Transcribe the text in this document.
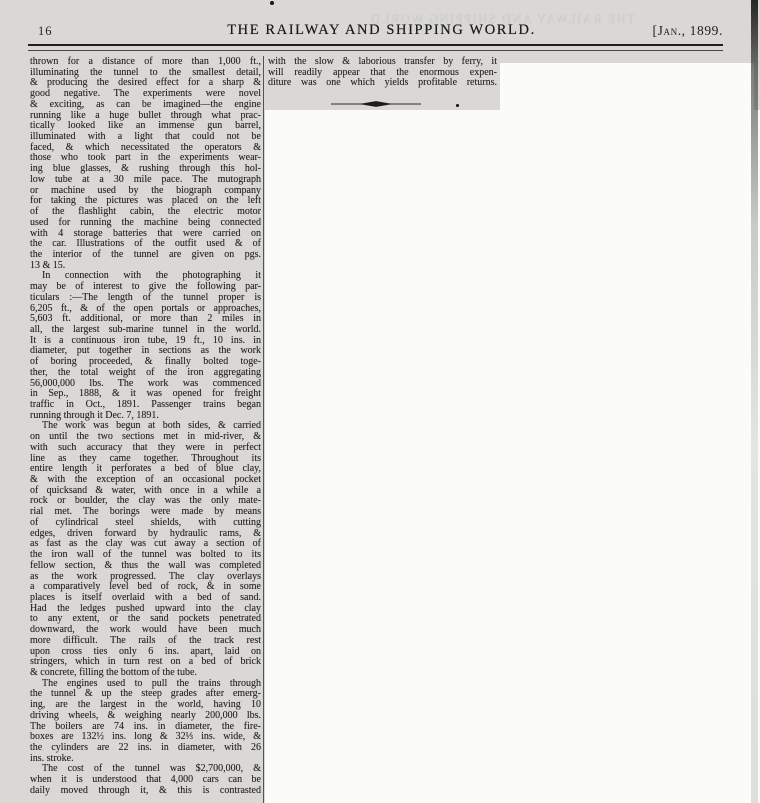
THE RAILWAY AND SHIPPING WORLD.
16	THE RAILWAY AND SHIPPING WORLD.	[Jan., 1899.
thrown for a distance of more than 1,000 ft.,
illuminating the tunnel to the smallest detail,
& producing the desired effect for a sharp &
good negative. The experiments were novel
& exciting, as can be imagined—the engine
running like a huge bullet through what prac-
tically looked like an immense gun barrel,
illuminated with a light that could not be
faced, & which necessitated the operators &
those who took part in the experiments wear-
ing blue glasses, & rushing through this hol-
low tube at a 30 mile pace. The mutograph
or machine used by the biograph company
for taking the pictures was placed on the left
of the flashlight cabin, the electric motor
used for running the machine being connected
with 4 storage batteries that were carried on
the car. Illustrations of the outfit used & of
the interior of the tunnel are given on pgs.
13 & 15.
In connection with the photographing it
may be of interest to give the following par-
ticulars :—The length of the tunnel proper is
6,205 ft., & of the open portals or approaches,
5,603 ft. additional, or more than 2 miles in
all, the largest sub-marine tunnel in the world.
It is a continuous iron tube, 19 ft., 10 ins. in
diameter, put together in sections as the work
of boring proceeded, & finally bolted toge-
ther, the total weight of the iron aggregating
56,000,000 lbs. The work was commenced
in Sep., 1888, & it was opened for freight
traffic in Oct., 1891. Passenger trains began
running through it Dec. 7, 1891.
The work was begun at both sides, & carried
on until the two sections met in mid-river, &
with such accuracy that they were in perfect
line as they came together. Throughout its
entire length it perforates a bed of blue clay,
& with the exception of an occasional pocket
of quicksand & water, with once in a while a
rock or boulder, the clay was the only mate-
rial met. The borings were made by means
of cylindrical steel shields, with cutting
edges, driven forward by hydraulic rams, &
as fast as the clay was cut away a section of
the iron wall of the tunnel was bolted to its
fellow section, & thus the wall was completed
as the work progressed. The clay overlays
a comparatively level bed of rock, & in some
places is itself overlaid with a bed of sand.
Had the ledges pushed upward into the clay
to any extent, or the sand pockets penetrated
downward, the work would have been much
more difficult. The rails of the track rest
upon cross ties only 6 ins. apart, laid on
stringers, which in turn rest on a bed of brick
& concrete, filling the bottom of the tube.
The engines used to pull the trains through
the tunnel & up the steep grades after emerg-
ing, are the largest in the world, having 10
driving wheels, & weighing nearly 200,000 lbs.
The boilers are 74 ins. in diameter, the fire-
boxes are 132½ ins. long & 32⅓ ins. wide, &
the cylinders are 22 ins. in diameter, with 26
ins. stroke.
The cost of the tunnel was $2,700,000, &
when it is understood that 4,000 cars can be
daily moved through it, & this is contrasted
with the slow & laborious transfer by ferry, it
will readily appear that the enormous expen-
diture was one which yields profitable returns.
